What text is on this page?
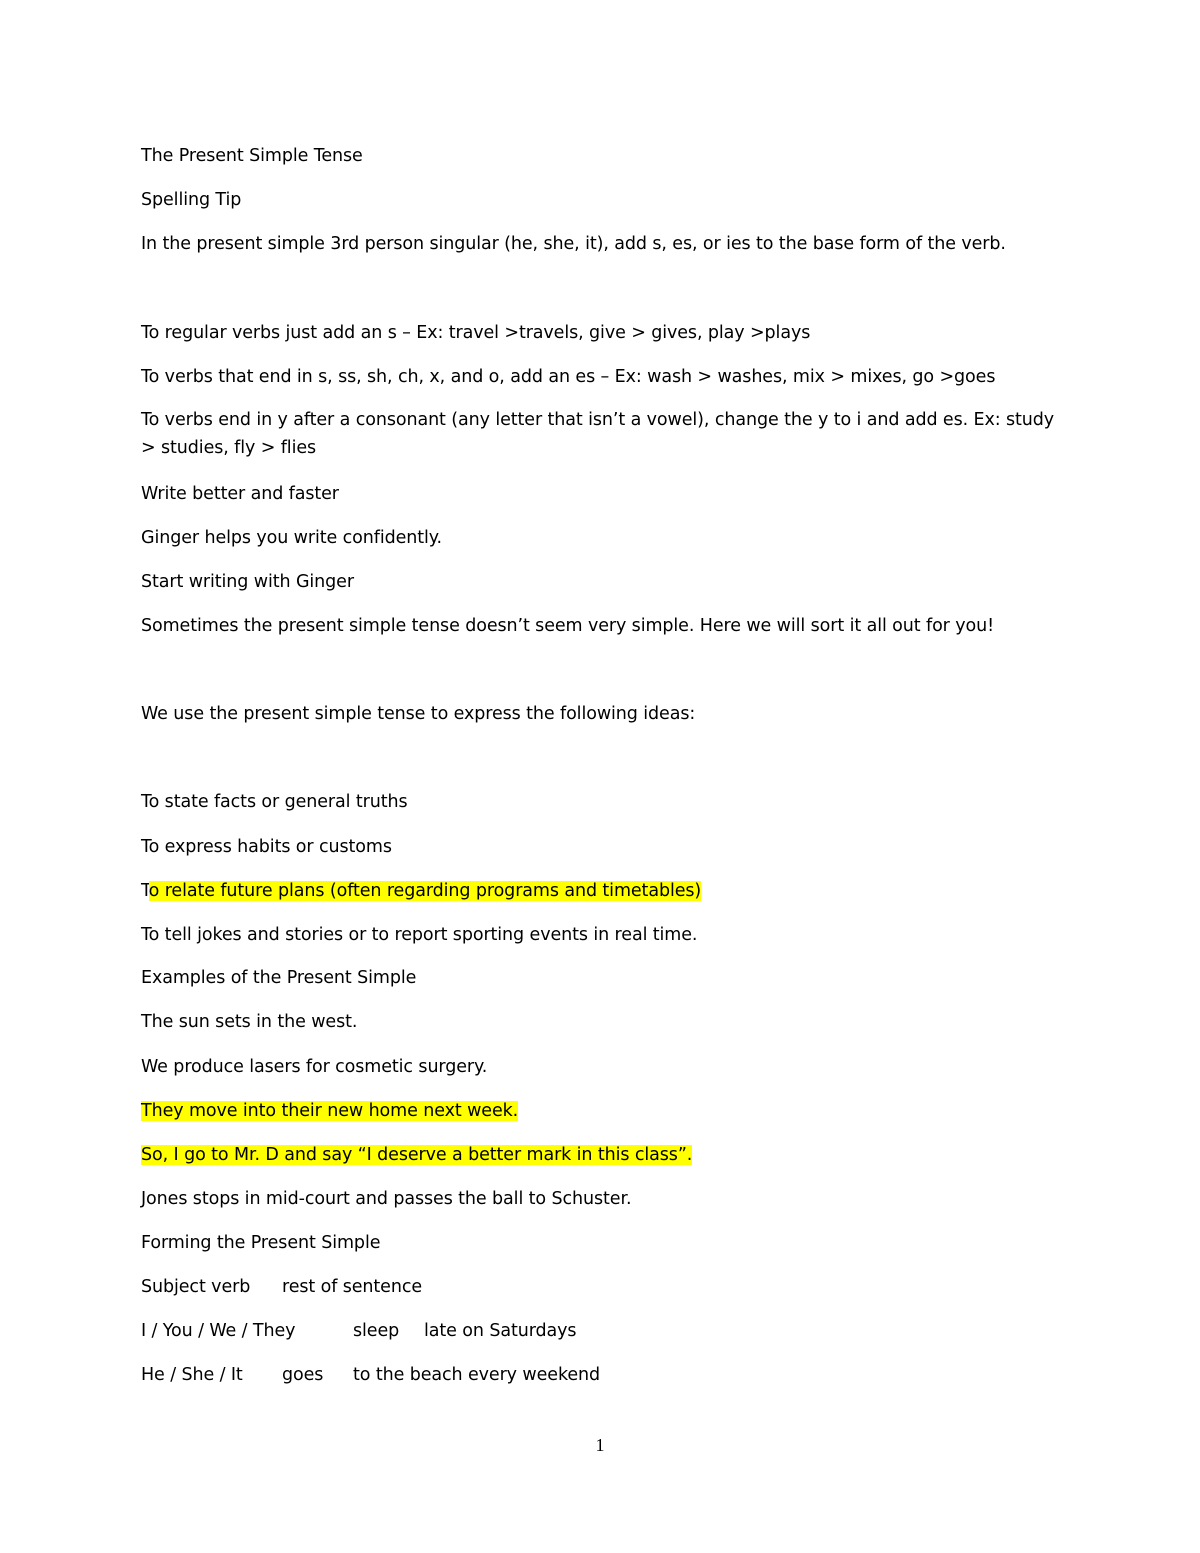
The Present Simple Tense
Spelling Tip
In the present simple 3rd person singular (he, she, it), add s, es, or ies to the base form of the verb.
To regular verbs just add an s – Ex: travel >travels, give > gives, play >plays
To verbs that end in s, ss, sh, ch, x, and o, add an es – Ex: wash > washes, mix > mixes, go >goes
To verbs end in y after a consonant (any letter that isn’t a vowel), change the y to i and add es. Ex: study > studies, fly > flies
Write better and faster
Ginger helps you write confidently.
Start writing with Ginger
Sometimes the present simple tense doesn’t seem very simple. Here we will sort it all out for you!
We use the present simple tense to express the following ideas:
To state facts or general truths
To express habits or customs
To relate future plans (often regarding programs and timetables)
To tell jokes and stories or to report sporting events in real time.
Examples of the Present Simple
The sun sets in the west.
We produce lasers for cosmetic surgery.
They move into their new home next week.
So, I go to Mr. D and say “I deserve a better mark in this class”.
Jones stops in mid-court and passes the ball to Schuster.
Forming the Present Simple
Subject verb rest of sentence
I / You / We / They	sleep late on Saturdays
He / She / It goes to the beach every weekend
1
